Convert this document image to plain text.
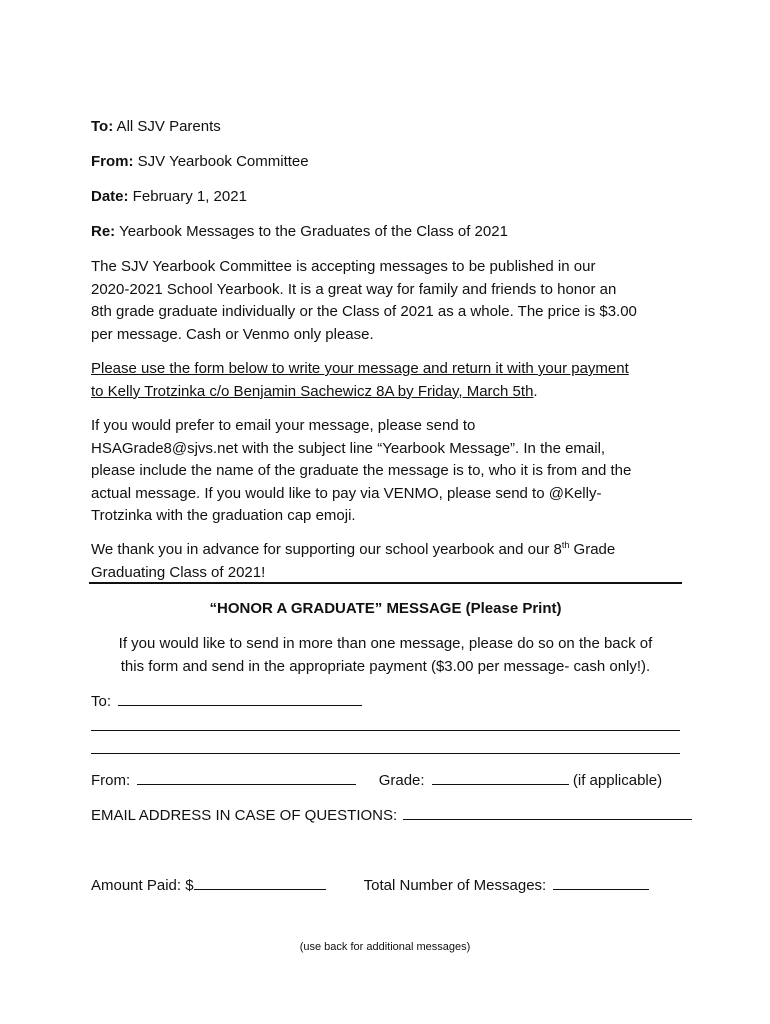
To: All SJV Parents
From: SJV Yearbook Committee
Date: February 1, 2021
Re: Yearbook Messages to the Graduates of the Class of 2021
The SJV Yearbook Committee is accepting messages to be published in our
2020-2021 School Yearbook. It is a great way for family and friends to honor an
8th grade graduate individually or the Class of 2021 as a whole. The price is $3.00
per message. Cash or Venmo only please.
Please use the form below to write your message and return it with your payment
to Kelly Trotzinka c/o Benjamin Sachewicz 8A by Friday, March 5th.
If you would prefer to email your message, please send to
HSAGrade8@sjvs.net with the subject line “Yearbook Message”. In the email,
please include the name of the graduate the message is to, who it is from and the
actual message. If you would like to pay via VENMO, please send to @Kelly-
Trotzinka with the graduation cap emoji.
We thank you in advance for supporting our school yearbook and our 8th Grade
Graduating Class of 2021!
“HONOR A GRADUATE” MESSAGE (Please Print)
If you would like to send in more than one message, please do so on the back of
this form and send in the appropriate payment ($3.00 per message- cash only!).
To:
From:	Grade:	(if applicable)
EMAIL ADDRESS IN CASE OF QUESTIONS:
Amount Paid: $	Total Number of Messages:
(use back for additional messages)
